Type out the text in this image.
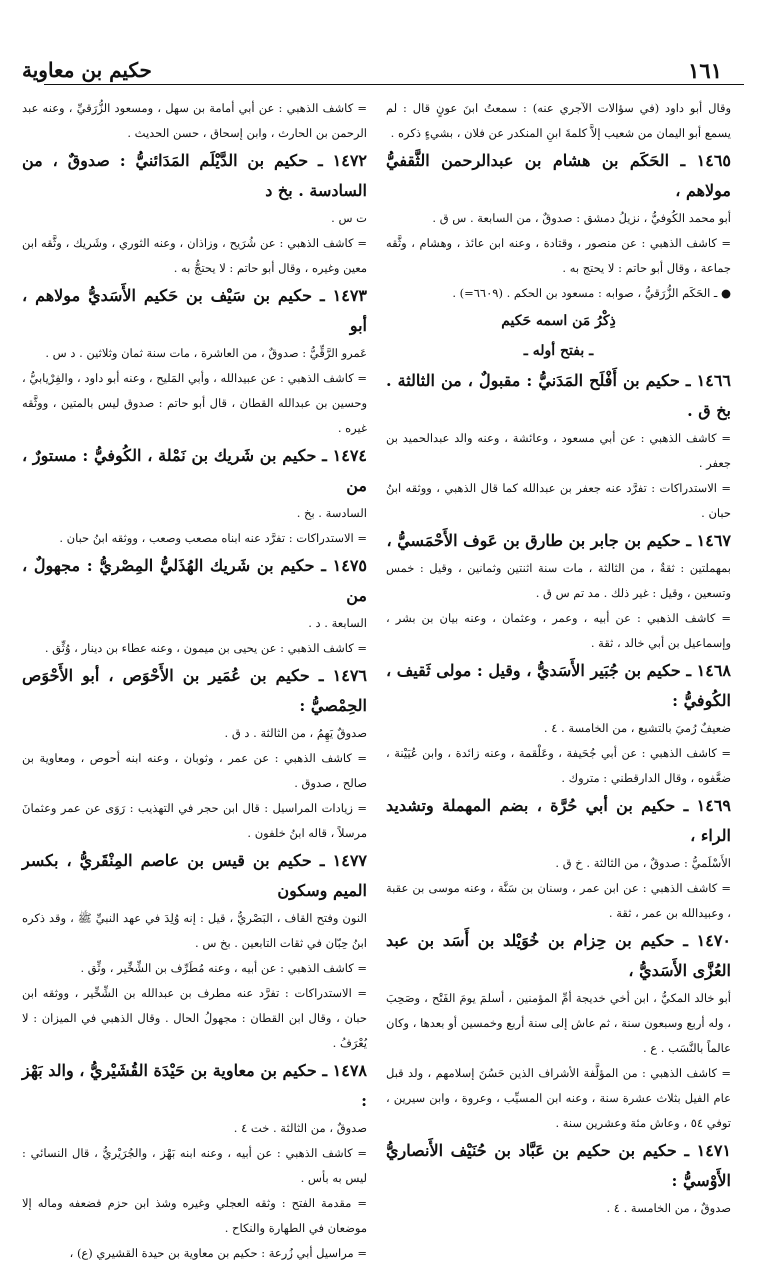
١٦١
حكيم بن معاوية

وقال أبو داود (في سؤالات الآجري عنه) : سمعتُ ابنَ عونٍ قال : لم يسمع أبو اليمان من شعيب إلاَّ كلمةَ ابنِ المنكدر عن فلان ، بشيءٍ ذكره .

١٤٦٥ ـ الحَكَم بن هشام بن عبدالرحمن الثَّقفيُّ مولاهم ،

أبو محمد الكُوفيُّ ، نزيلُ دمشق : صدوقٌ ، من السابعة . س ق .

= كاشف الذهبي : عن منصور ، وقتادة ، وعنه ابن عائذ ، وهشام ، وثَّقه جماعة ، وقال أبو حاتم : لا يحتج به .

● ـ الحَكَم الزُّرَقيُّ ، صوابه : مسعود بن الحكم . (٦٦٠٩=) .

ذِكْرُ مَن اسمه حَكيم

ـ بفتح أوله ـ

١٤٦٦ ـ حكيم بن أَفْلَح المَدَنيُّ : مقبولٌ ، من الثالثة . بخ ق .

= كاشف الذهبي : عن أبي مسعود ، وعائشة ، وعنه والد عبدالحميد بن جعفر .

= الاستدراكات : تفرَّد عنه جعفر بن عبدالله كما قال الذهبي ، ووثقه ابنُ حبان .

١٤٦٧ ـ حكيم بن جابر بن طارق بن عَوف الأَحْمَسيُّ ،

بمهملتين : ثقةٌ ، من الثالثة ، مات سنة اثنتين وثمانين ، وقيل : خمس وتسعين ، وقيل : غير ذلك . مد تم س ق .

= كاشف الذهبي : عن أبيه ، وعمر ، وعثمان ، وعنه بيان بن بشر ، وإسماعيل بن أبي خالد ، ثقة .

١٤٦٨ ـ حكيم بن جُبَير الأَسَديُّ ، وقيل : مولى ثَقيف ، الكُوفيُّ :

ضعيفٌ رُميَ بالتشيع ، من الخامسة . ٤ .

= كاشف الذهبي : عن أبي جُحَيفة ، وعَلْقمة ، وعنه زائدة ، وابن عُيَيْنة ، ضعَّفوه ، وقال الدارقطني : متروك .

١٤٦٩ ـ حكيم بن أبي حُرَّة ، بضم المهملة وتشديد الراء ،

الأَسْلَميُّ : صدوقٌ ، من الثالثة . خ ق .

= كاشف الذهبي : عن ابن عمر ، وسنان بن سَنَّة ، وعنه موسى بن عقبة ، وعبيدالله بن عمر ، ثقة .

١٤٧٠ ـ حكيم بن حِزام بن خُوَيْلد بن أَسَد بن عبد العُزَّى الأَسَديُّ ،

أبو خالد المكيُّ ، ابن أخي خديجة أمِّ المؤمنين ، أسلمَ يومَ الفَتْح ، وصَحِبَ ، وله أربع وسبعون سنة ، ثم عاش إلى سنة أربع وخمسين أو بعدها ، وكان عالماً بالنَّسَب . ع .

= كاشف الذهبي : من المؤلَّفة الأشراف الذين حَسُنَ إسلامهم ، ولد قبل عام الفيل بثلاث عشرة سنة ، وعنه ابن المسيِّب ، وعروة ، وابن سيرين ، توفي ٥٤ ، وعاش مئة وعشرين سنة .

١٤٧١ ـ حكيم بن حكيم بن عَبَّاد بن حُنَيْف الأَنصاريُّ الأَوْسيُّ :

صدوقٌ ، من الخامسة . ٤ .

= كاشف الذهبي : عن أبي أمامة بن سهل ، ومسعود الزُّرَقيِّ ، وعنه عبد الرحمن بن الحارث ، وابن إسحاق ، حسن الحديث .

١٤٧٢ ـ حكيم بن الدَّيْلَم المَدَائنيُّ : صدوقٌ ، من السادسة . بخ د

ت س .

= كاشف الذهبي : عن شُرَيح ، وزاذان ، وعنه الثوري ، وشَريك ، وثَّقه ابن معين وغيره ، وقال أبو حاتم : لا يحتجُّ به .

١٤٧٣ ـ حكيم بن سَيْف بن حَكيم الأَسَديُّ مولاهم ، أبو

عَمرو الرَّقِّيُّ : صدوقٌ ، من العاشرة ، مات سنة ثمان وثلاثين . د س .

= كاشف الذهبي : عن عبيدالله ، وأبي المَليح ، وعنه أبو داود ، والفِرْيابيُّ ، وحسين بن عبدالله القطان ، قال أبو حاتم : صدوق ليس بالمتين ، ووثَّقه غيره .

١٤٧٤ ـ حكيم بن شَريك بن نَمْلة ، الكُوفيُّ : مستورٌ ، من

السادسة . بخ .

= الاستدراكات : تفرَّد عنه ابناه مصعب وصعب ، ووثقه ابنُ حبان .

١٤٧٥ ـ حكيم بن شَريك الهُذَليُّ المِصْريُّ : مجهولٌ ، من

السابعة . د .

= كاشف الذهبي : عن يحيى بن ميمون ، وعنه عطاء بن دينار ، وُثِّق .

١٤٧٦ ـ حكيم بن عُمَير بن الأَحْوَص ، أبو الأَحْوَص الحِمْصيُّ :

صدوقٌ يَهِمُ ، من الثالثة . د ق .

= كاشف الذهبي : عن عمر ، وثوبان ، وعنه ابنه أحوص ، ومعاوية بن صالح ، صدوق .

= زيادات المراسيل : قال ابن حجر في التهذيب : رَوَى عن عمر وعثمانَ مرسلاً ، قاله ابنُ خلفون .

١٤٧٧ ـ حكيم بن قيس بن عاصم المِنْقَريُّ ، بكسر الميم وسكون

النون وفتح القاف ، البَصْريُّ ، قيل : إنه وُلِدَ في عهد النبيِّ ﷺ ، وقد ذكره ابنُ حِبّان في ثقات التابعين . بخ س .

= كاشف الذهبي : عن أبيه ، وعنه مُطَرِّف بن الشِّخِّير ، وثِّق .

= الاستدراكات : تفرَّد عنه مطرف بن عبدالله بن الشِّخِّير ، ووثقه ابن حبان ، وقال ابن القطان : مجهولُ الحال . وقال الذهبي في الميزان : لا يُعْرَفُ .

١٤٧٨ ـ حكيم بن معاوية بن حَيْدَة القُشَيْريُّ ، والد بَهْز :

صدوقٌ ، من الثالثة . خت ٤ .

= كاشف الذهبي : عن أبيه ، وعنه ابنه بَهْز ، والجُرَيْريُّ ، قال النسائي : ليس به بأس .

= مقدمة الفتح : وثقه العجلي وغيره وشذ ابن حزم فضعفه وماله إلا موضعان في الطهارة والنكاح .

= مراسيل أبي زُرعة : حكيم بن معاوية بن حيدة القشيري (ع) ،
